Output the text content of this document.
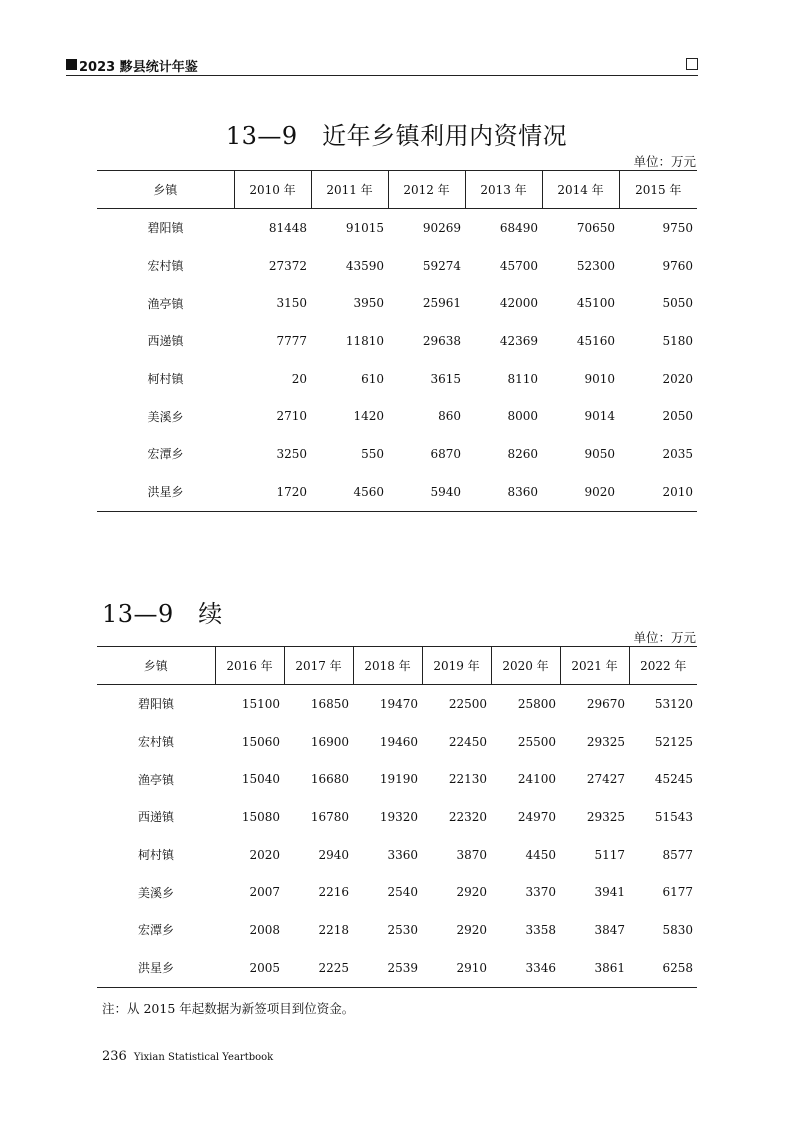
2023 黟县统计年鉴
13—9　近年乡镇利用内资情况
单位：万元
乡镇	2010 年	2011 年	2012 年	2013 年	2014 年	2015 年
碧阳镇	81448	91015	90269	68490	70650	9750
宏村镇	27372	43590	59274	45700	52300	9760
渔亭镇	3150	3950	25961	42000	45100	5050
西递镇	7777	11810	29638	42369	45160	5180
柯村镇	20	610	3615	8110	9010	2020
美溪乡	2710	1420	860	8000	9014	2050
宏潭乡	3250	550	6870	8260	9050	2035
洪星乡	1720	4560	5940	8360	9020	2010
13—9　续
单位：万元
乡镇	2016 年	2017 年	2018 年	2019 年	2020 年	2021 年	2022 年
碧阳镇	15100	16850	19470	22500	25800	29670	53120
宏村镇	15060	16900	19460	22450	25500	29325	52125
渔亭镇	15040	16680	19190	22130	24100	27427	45245
西递镇	15080	16780	19320	22320	24970	29325	51543
柯村镇	2020	2940	3360	3870	4450	5117	8577
美溪乡	2007	2216	2540	2920	3370	3941	6177
宏潭乡	2008	2218	2530	2920	3358	3847	5830
洪星乡	2005	2225	2539	2910	3346	3861	6258
注：从 2015 年起数据为新签项目到位资金。
236 Yixian Statistical Yeartbook
